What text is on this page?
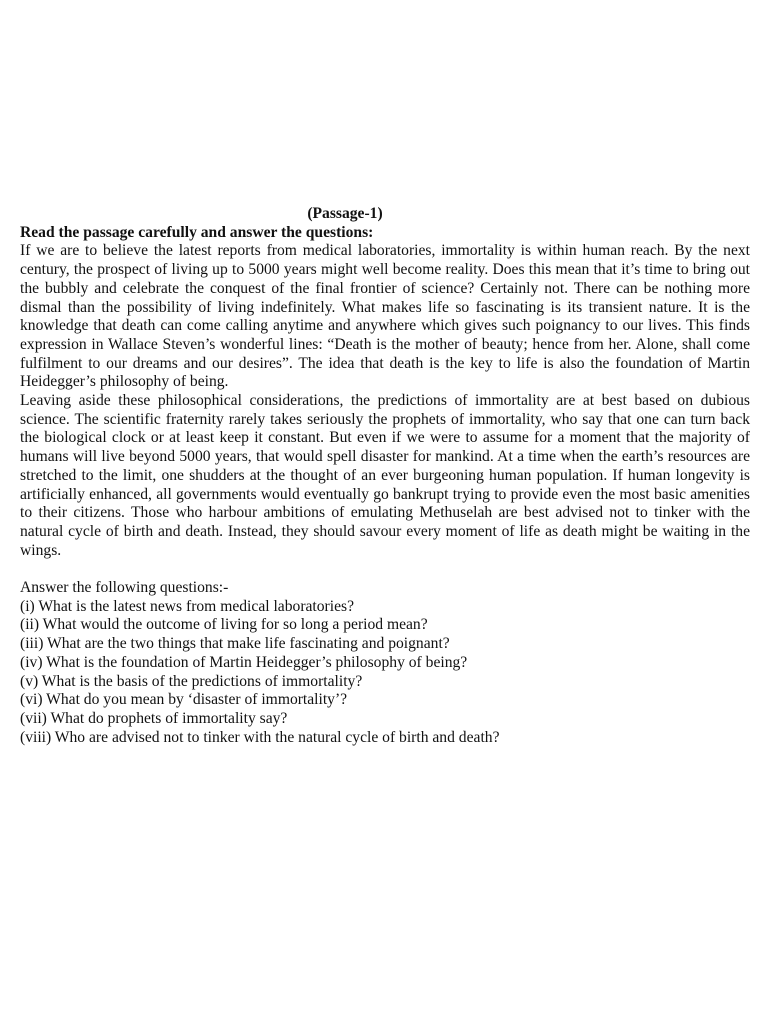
(Passage-1)

Read the passage carefully and answer the questions:

If we are to believe the latest reports from medical laboratories, immortality is within human reach. By the next century, the prospect of living up to 5000 years might well become reality. Does this mean that it’s time to bring out the bubbly and celebrate the conquest of the final frontier of science? Certainly not. There can be nothing more dismal than the possibility of living indefinitely. What makes life so fascinating is its transient nature. It is the knowledge that death can come calling anytime and anywhere which gives such poignancy to our lives. This finds expression in Wallace Steven’s wonderful lines: “Death is the mother of beauty; hence from her. Alone, shall come fulfilment to our dreams and our desires”. The idea that death is the key to life is also the foundation of Martin Heidegger’s philosophy of being.

Leaving aside these philosophical considerations, the predictions of immortality are at best based on dubious science. The scientific fraternity rarely takes seriously the prophets of immortality, who say that one can turn back the biological clock or at least keep it constant. But even if we were to assume for a moment that the majority of humans will live beyond 5000 years, that would spell disaster for mankind. At a time when the earth’s resources are stretched to the limit, one shudders at the thought of an ever burgeoning human population. If human longevity is artificially enhanced, all governments would eventually go bankrupt trying to provide even the most basic amenities to their citizens. Those who harbour ambitions of emulating Methuselah are best advised not to tinker with the natural cycle of birth and death. Instead, they should savour every moment of life as death might be waiting in the wings.

Answer the following questions:-

(i) What is the latest news from medical laboratories?
(ii) What would the outcome of living for so long a period mean?
(iii) What are the two things that make life fascinating and poignant?
(iv) What is the foundation of Martin Heidegger’s philosophy of being?
(v) What is the basis of the predictions of immortality?
(vi) What do you mean by ‘disaster of immortality’?
(vii) What do prophets of immortality say?
(viii) Who are advised not to tinker with the natural cycle of birth and death?
